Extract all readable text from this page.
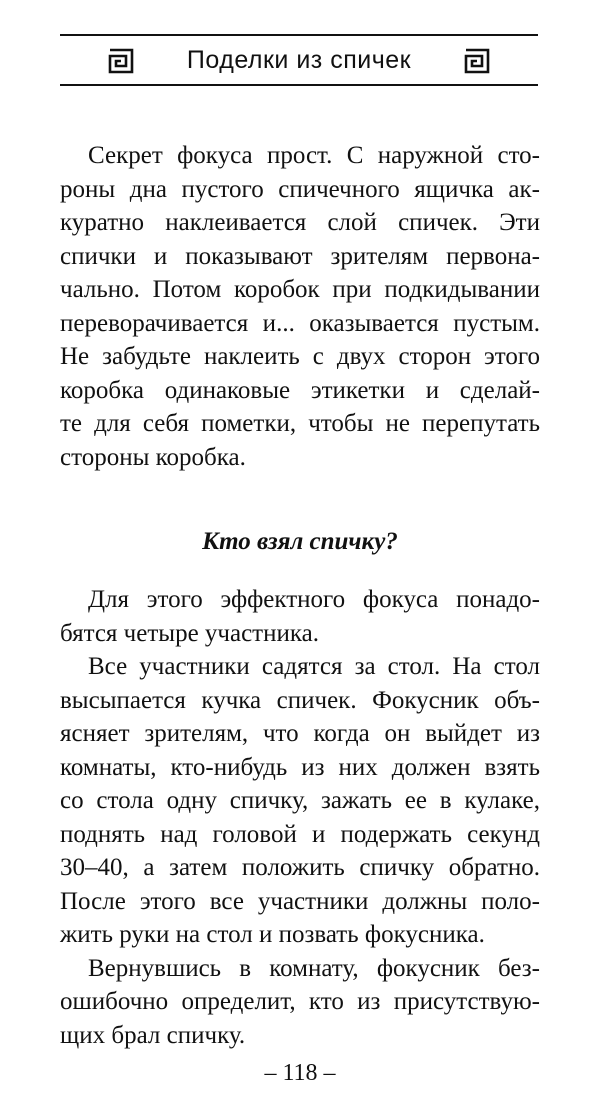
Поделки из спичек
Секрет фокуса прост. С наружной сто-
роны дна пустого спичечного ящичка ак-
куратно наклеивается слой спичек. Эти
спички и показывают зрителям первона-
чально. Потом коробок при подкидывании
переворачивается и... оказывается пустым.
Не забудьте наклеить с двух сторон этого
коробка одинаковые этикетки и сделай-
те для себя пометки, чтобы не перепутать
стороны коробка.
Кто взял спичку?
Для этого эффектного фокуса понадо-
бятся четыре участника.
Все участники садятся за стол. На стол
высыпается кучка спичек. Фокусник объ-
ясняет зрителям, что когда он выйдет из
комнаты, кто-нибудь из них должен взять
со стола одну спичку, зажать ее в кулаке,
поднять над головой и подержать секунд
30–40, а затем положить спичку обратно.
После этого все участники должны поло-
жить руки на стол и позвать фокусника.
Вернувшись в комнату, фокусник без-
ошибочно определит, кто из присутствую-
щих брал спичку.
– 118 –
